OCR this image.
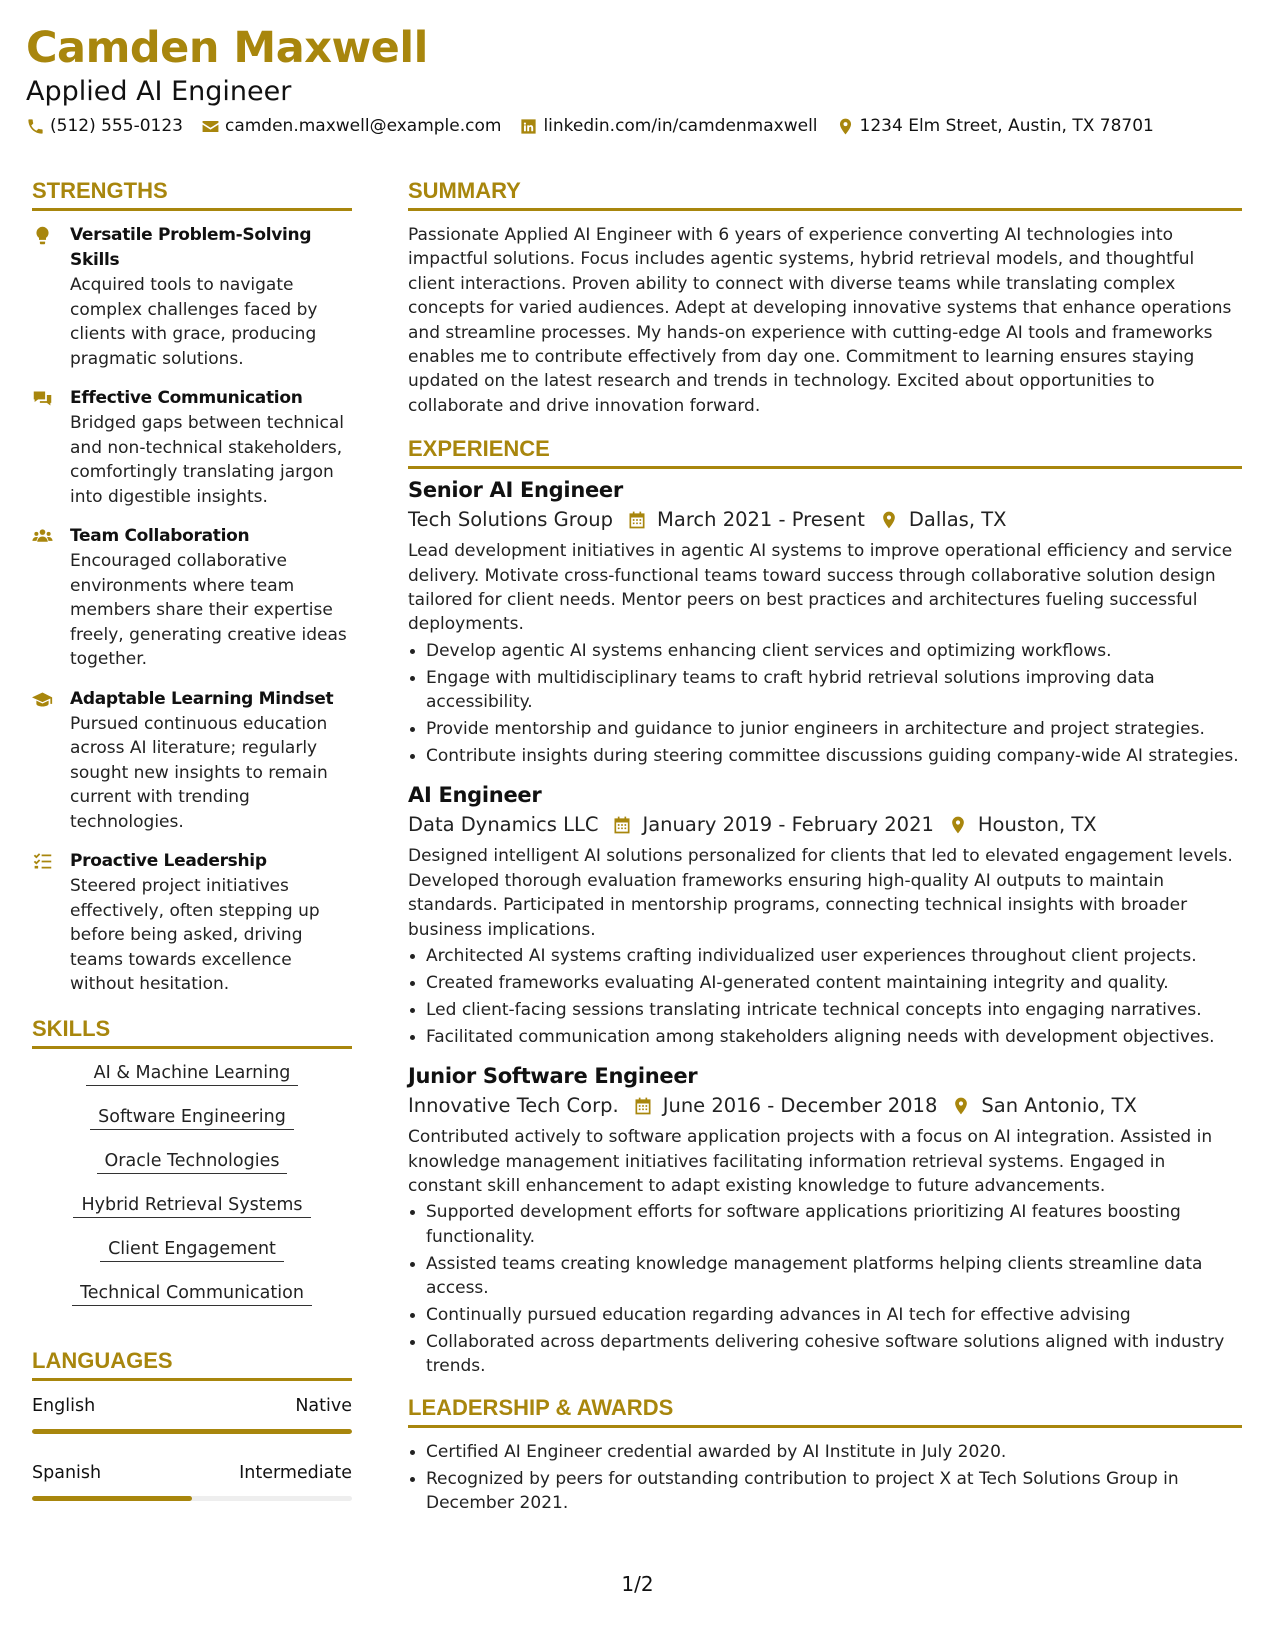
Camden Maxwell
Applied AI Engineer
(512) 555-0123 camden.maxwell@example.com linkedin.com/in/camdenmaxwell 1234 Elm Street, Austin, TX 78701
STRENGTHS
Versatile Problem-Solving Skills
Acquired tools to navigate complex challenges faced by clients with grace, producing pragmatic solutions.
Effective Communication
Bridged gaps between technical and non-technical stakeholders, comfortingly translating jargon into digestible insights.
Team Collaboration
Encouraged collaborative environments where team members share their expertise freely, generating creative ideas together.
Adaptable Learning Mindset
Pursued continuous education across AI literature; regularly sought new insights to remain current with trending technologies.
Proactive Leadership
Steered project initiatives effectively, often stepping up before being asked, driving teams towards excellence without hesitation.
SKILLS
AI & Machine Learning
Software Engineering
Oracle Technologies
Hybrid Retrieval Systems
Client Engagement
Technical Communication
LANGUAGES
English	Native
Spanish	Intermediate
SUMMARY
Passionate Applied AI Engineer with 6 years of experience converting AI technologies into impactful solutions. Focus includes agentic systems, hybrid retrieval models, and thoughtful client interactions. Proven ability to connect with diverse teams while translating complex concepts for varied audiences. Adept at developing innovative systems that enhance operations and streamline processes. My hands-on experience with cutting-edge AI tools and frameworks enables me to contribute effectively from day one. Commitment to learning ensures staying updated on the latest research and trends in technology. Excited about opportunities to collaborate and drive innovation forward.
EXPERIENCE
Senior AI Engineer
Tech Solutions Group March 2021 - Present Dallas, TX
Lead development initiatives in agentic AI systems to improve operational efficiency and service delivery. Motivate cross-functional teams toward success through collaborative solution design tailored for client needs. Mentor peers on best practices and architectures fueling successful deployments.
Develop agentic AI systems enhancing client services and optimizing workflows.
Engage with multidisciplinary teams to craft hybrid retrieval solutions improving data accessibility.
Provide mentorship and guidance to junior engineers in architecture and project strategies.
Contribute insights during steering committee discussions guiding company-wide AI strategies.
AI Engineer
Data Dynamics LLC January 2019 - February 2021 Houston, TX
Designed intelligent AI solutions personalized for clients that led to elevated engagement levels. Developed thorough evaluation frameworks ensuring high-quality AI outputs to maintain standards. Participated in mentorship programs, connecting technical insights with broader business implications.
Architected AI systems crafting individualized user experiences throughout client projects.
Created frameworks evaluating AI-generated content maintaining integrity and quality.
Led client-facing sessions translating intricate technical concepts into engaging narratives.
Facilitated communication among stakeholders aligning needs with development objectives.
Junior Software Engineer
Innovative Tech Corp. June 2016 - December 2018 San Antonio, TX
Contributed actively to software application projects with a focus on AI integration. Assisted in knowledge management initiatives facilitating information retrieval systems. Engaged in constant skill enhancement to adapt existing knowledge to future advancements.
Supported development efforts for software applications prioritizing AI features boosting functionality.
Assisted teams creating knowledge management platforms helping clients streamline data access.
Continually pursued education regarding advances in AI tech for effective advising
Collaborated across departments delivering cohesive software solutions aligned with industry trends.
LEADERSHIP & AWARDS
Certified AI Engineer credential awarded by AI Institute in July 2020.
Recognized by peers for outstanding contribution to project X at Tech Solutions Group in December 2021.
1/2
